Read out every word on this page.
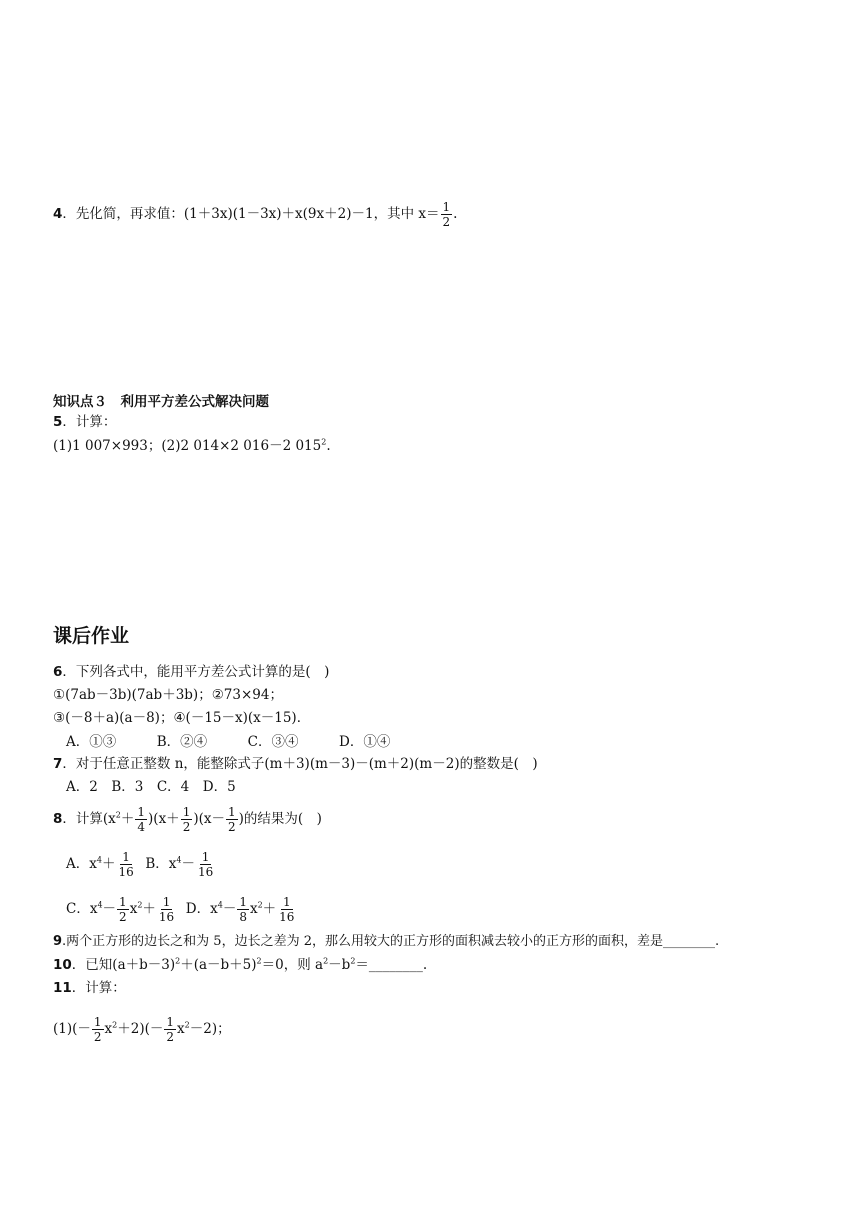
4．先化简，再求值：(1＋3x)(1－3x)＋x(9x＋2)－1，其中 $x= \frac{1}{2}$ .
知识点３　利用平方差公式解决问题
5．计算：
(1)1 007×993；(2)2 014×2 016－2 $015^2$.
课后作业
6．下列各式中，能用平方差公式计算的是(　)
①(7ab－3b)(7ab＋3b)；②73×94；
③(－8＋a)(a－8)；④(－15－x)(x－15)．
A．①③　　　B．②④　　　C．③④　　　D．①④
7．对于任意正整数 n，能整除式子(m＋3)(m－3)－(m＋2)(m－2)的整数是(　)
A．2　B．3　C．4　D．5
8．计算$(x^2+ \frac{1}{4} )(x+ \frac{1}{2} )(x- \frac{1}{2}$ )的结果为(　)
A．$x^4+ \frac{1}{16}$ B．$x^4- \frac{1}{16}$
C．$x^4- \frac{1}{2} x^2+ \frac{1}{16}$ D．$x^4- \frac{1}{8} x^2+ \frac{1}{16}$
9.两个正方形的边长之和为 5，边长之差为 2，那么用较大的正方形的面积减去较小的正方形的面积，差是________.
10．已知$(a+b-3)^2+(a-b+5)^2=0$，则 $a^2-b^2=\_\_\_\_\_\_\_\_$.
11．计算：
$(1)(- \frac{1}{2} x^2+2)(- \frac{1}{2} x^2-2)$；
